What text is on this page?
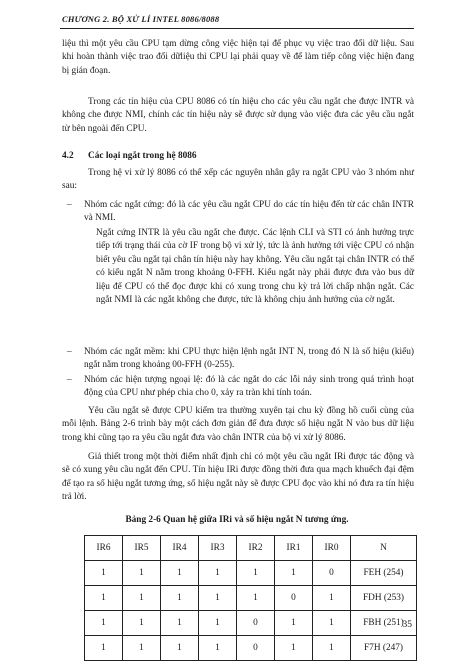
CHƯƠNG 2. BỘ XỬ LÍ INTEL 8086/8088

liệu thì một yêu cầu CPU tạm dừng công việc hiện tại để phục vụ việc trao đổi dữ liệu. Sau khi hoàn thành việc trao đổi dữliệu thì CPU lại phải quay về để làm tiếp công việc hiện đang bị gián đoạn.

Trong các tín hiệu của CPU 8086 có tín hiệu cho các yêu cầu ngắt che được INTR và không che được NMI, chính các tín hiệu này sẽ được sử dụng vào việc đưa các yêu cầu ngắt từ bên ngoài đến CPU.

4.2 Các loại ngắt trong hệ 8086

Trong hệ vi xử lý 8086 có thể xếp các nguyên nhân gây ra ngắt CPU vào 3 nhóm như sau:

– Nhóm các ngắt cứng: đó là các yêu cầu ngắt CPU do các tín hiệu đến từ các chân INTR và NMI.

Ngắt cứng INTR là yêu cầu ngắt che được. Các lệnh CLI và STI có ảnh hưởng trực tiếp tới trạng thái của cờ IF trong bộ vi xử lý, tức là ảnh hưởng tới việc CPU có nhận biết yêu cầu ngắt tại chân tín hiệu này hay không. Yêu cầu ngắt tại chân INTR có thể có kiểu ngắt N nằm trong khoảng 0-FFH. Kiểu ngắt này phải được đưa vào bus dữ liệu để CPU có thể đọc được khi có xung trong chu kỳ trả lời chấp nhận ngắt. Các ngắt NMI là các ngắt không che được, tức là không chịu ảnh hưởng của cờ ngắt.

– Nhóm các ngắt mềm: khi CPU thực hiện lệnh ngắt INT N, trong đó N là số hiệu (kiểu) ngắt nằm trong khoảng 00-FFH (0-255).
– Nhóm các hiện tượng ngoại lệ: đó là các ngắt do các lỗi nảy sinh trong quá trình hoạt động của CPU như phép chia cho 0, xảy ra tràn khi tính toán.

Yêu cầu ngắt sẽ được CPU kiểm tra thường xuyên tại chu kỳ đồng hồ cuối cùng của mỗi lệnh. Bảng 2-6 trình bày một cách đơn giản để đưa được số hiệu ngắt N vào bus dữ liệu trong khi cũng tạo ra yêu cầu ngắt đưa vào chân INTR của bộ vi xử lý 8086.

Bảng 2-6 Quan hệ giữa IRi và số hiệu ngắt N tương ứng.
IR6	IR5	IR4	IR3	IR2	IR1	IR0	N
1	1	1	1	1	1	0	FEH (254)
1	1	1	1	1	0	1	FDH (253)
1	1	1	1	0	1	1	FBH (251)
1	1	1	1	0	1	1	F7H (247)
35

Giả thiết trong một thời điểm nhất định chỉ có một yêu cầu ngắt IRi được tác động và sẽ có xung yêu cầu ngắt đến CPU. Tín hiệu IRi được đồng thời đưa qua mạch khuếch đại đệm để tạo ra số hiệu ngắt tương ứng, số hiệu ngắt này sẽ được CPU đọc vào khi nó đưa ra tín hiệu trả lời.
